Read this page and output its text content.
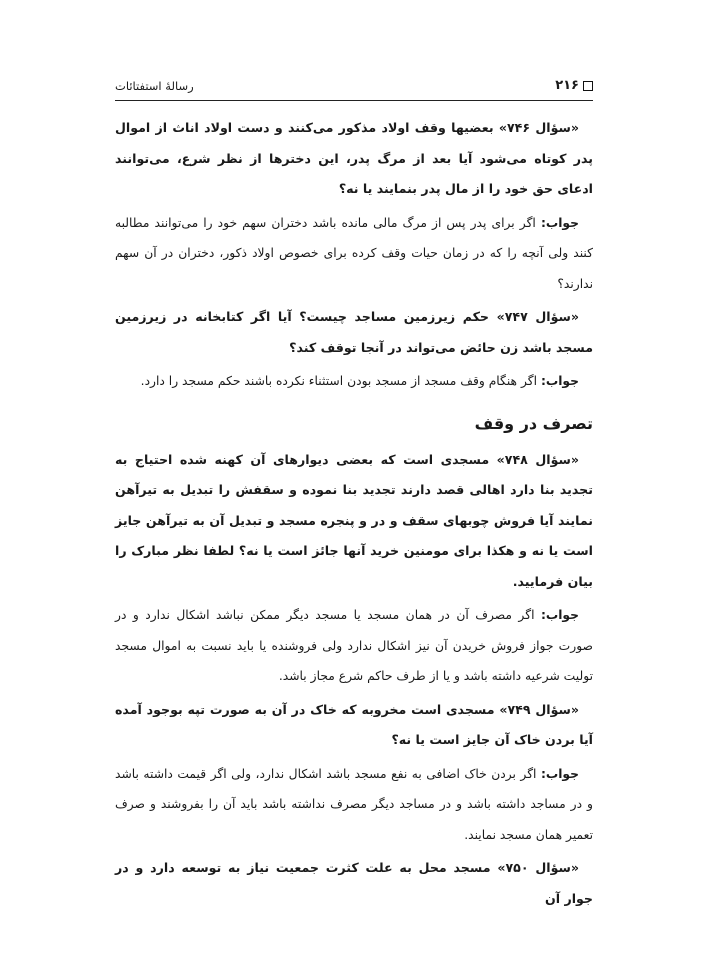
۲۱۶
رسالۀ استفتائات

«سؤال ۷۴۶» بعضیها وقف اولاد مذکور می‌کنند و دست اولاد اناث از اموال پدر کوتاه می‌شود آیا بعد از مرگ پدر، این دخترها از نظر شرع، می‌توانند ادعای حق خود را از مال پدر بنمایند یا نه؟

جواب: اگر برای پدر پس از مرگ مالی مانده باشد دختران سهم خود را می‌توانند مطالبه کنند ولی آنچه را که در زمان حیات وقف کرده برای خصوص اولاد ذکور، دختران در آن سهم ندارند؟

«سؤال ۷۴۷» حکم زیرزمین مساجد چیست؟ آیا اگر کتابخانه در زیرزمین مسجد باشد زن حائض می‌تواند در آنجا توقف کند؟

جواب: اگر هنگام وقف مسجد از مسجد بودن استثناء نکرده باشند حکم مسجد را دارد.

تصرف در وقف

«سؤال ۷۴۸» مسجدی است که بعضی دیوارهای آن کهنه شده احتیاج به تجدید بنا دارد اهالی قصد دارند تجدید بنا نموده و سقفش را تبدیل به تیرآهن نمایند آیا فروش چوبهای سقف و در و پنجره مسجد و تبدیل آن به تیرآهن جایز است یا نه و هکذا برای مومنین خرید آنها جائز است یا نه؟ لطفا نظر مبارک را بیان فرمایید.

جواب: اگر مصرف آن در همان مسجد یا مسجد دیگر ممکن نباشد اشکال ندارد و در صورت جواز فروش خریدن آن نیز اشکال ندارد ولی فروشنده یا باید نسبت به اموال مسجد تولیت شرعیه داشته باشد و یا از طرف حاکم شرع مجاز باشد.

«سؤال ۷۴۹» مسجدی است مخروبه که خاک در آن به صورت تپه بوجود آمده آیا بردن خاک آن جایز است یا نه؟

جواب: اگر بردن خاک اضافی به نفع مسجد باشد اشکال ندارد، ولی اگر قیمت داشته باشد و در مساجد داشته باشد و در مساجد دیگر مصرف نداشته باشد باید آن را بفروشند و صرف تعمیر همان مسجد نمایند.

«سؤال ۷۵۰» مسجد محل به علت کثرت جمعیت نیاز به توسعه دارد و در جوار آن
